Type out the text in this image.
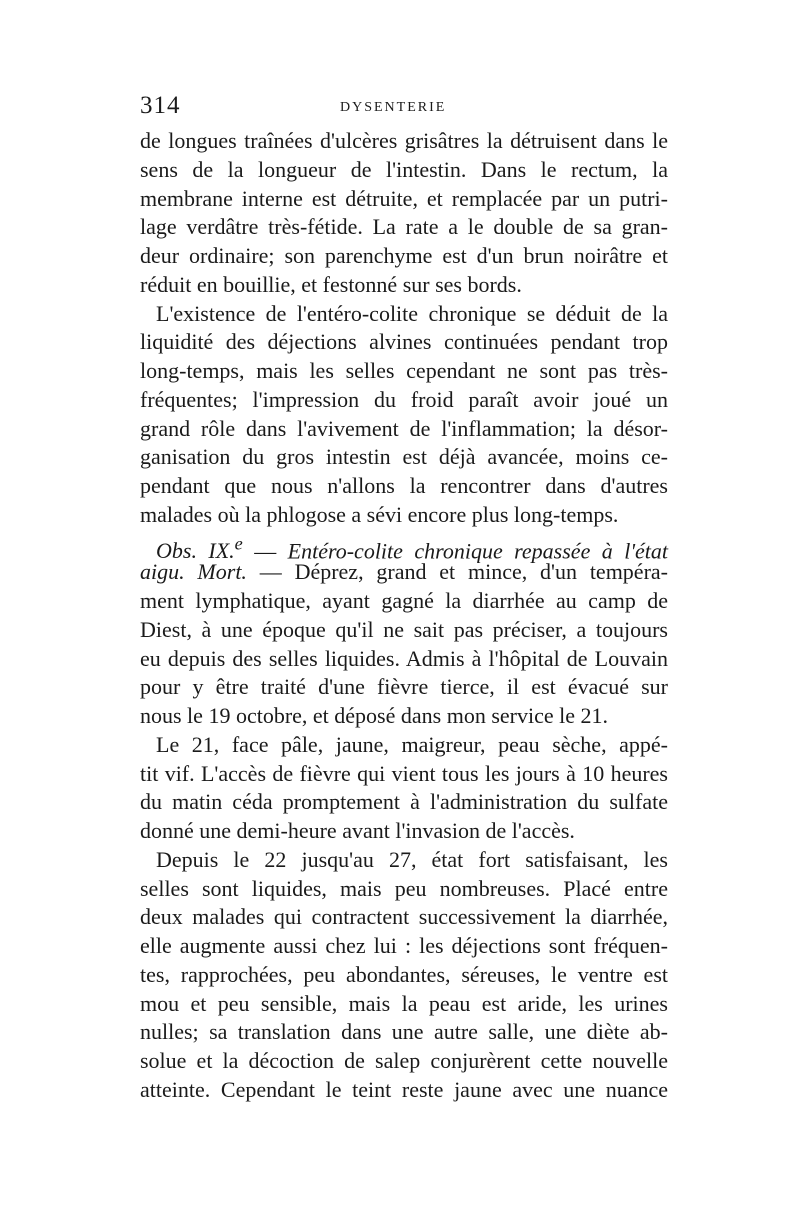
314	DYSENTERIE
de longues traînées d'ulcères grisâtres la détruisent dans le
sens de la longueur de l'intestin. Dans le rectum, la
membrane interne est détruite, et remplacée par un putri-
lage verdâtre très-fétide. La rate a le double de sa gran-
deur ordinaire; son parenchyme est d'un brun noirâtre et
réduit en bouillie, et festonné sur ses bords.
L'existence de l'entéro-colite chronique se déduit de la
liquidité des déjections alvines continuées pendant trop
long-temps, mais les selles cependant ne sont pas très-
fréquentes; l'impression du froid paraît avoir joué un
grand rôle dans l'avivement de l'inflammation; la désor-
ganisation du gros intestin est déjà avancée, moins ce-
pendant que nous n'allons la rencontrer dans d'autres
malades où la phlogose a sévi encore plus long-temps.
Obs. IX.$^e$ — Entéro-colite chronique repassée à l'état
aigu. Mort. — Déprez, grand et mince, d'un tempéra-
ment lymphatique, ayant gagné la diarrhée au camp de
Diest, à une époque qu'il ne sait pas préciser, a toujours
eu depuis des selles liquides. Admis à l'hôpital de Louvain
pour y être traité d'une fièvre tierce, il est évacué sur
nous le 19 octobre, et déposé dans mon service le 21.
Le 21, face pâle, jaune, maigreur, peau sèche, appé-
tit vif. L'accès de fièvre qui vient tous les jours à 10 heures
du matin céda promptement à l'administration du sulfate
donné une demi-heure avant l'invasion de l'accès.
Depuis le 22 jusqu'au 27, état fort satisfaisant, les
selles sont liquides, mais peu nombreuses. Placé entre
deux malades qui contractent successivement la diarrhée,
elle augmente aussi chez lui : les déjections sont fréquen-
tes, rapprochées, peu abondantes, séreuses, le ventre est
mou et peu sensible, mais la peau est aride, les urines
nulles; sa translation dans une autre salle, une diète ab-
solue et la décoction de salep conjurèrent cette nouvelle
atteinte. Cependant le teint reste jaune avec une nuance
